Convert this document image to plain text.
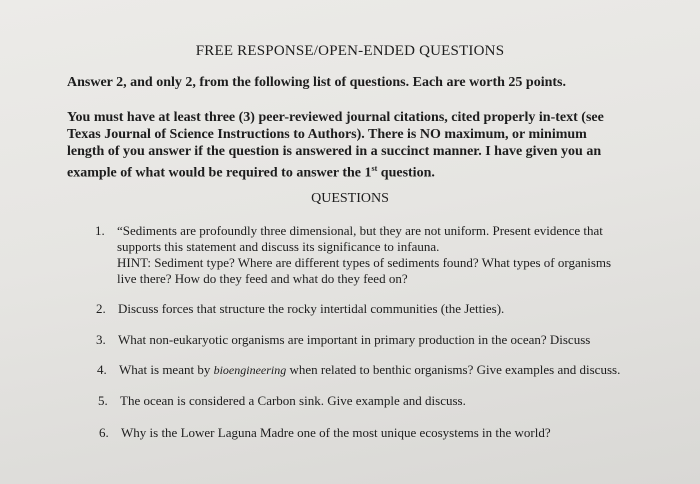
FREE RESPONSE/OPEN-ENDED QUESTIONS

Answer 2, and only 2, from the following list of questions. Each are worth 25 points.

You must have at least three (3) peer-reviewed journal citations, cited properly in-text (see Texas Journal of Science Instructions to Authors). There is NO maximum, or minimum length of you answer if the question is answered in a succinct manner. I have given you an example of what would be required to answer the 1st question.

QUESTIONS
1. “Sediments are profoundly three dimensional, but they are not uniform. Present evidence that supports this statement and discuss its significance to infauna.
HINT: Sediment type? Where are different types of sediments found? What types of organisms live there? How do they feed and what do they feed on?
2. Discuss forces that structure the rocky intertidal communities (the Jetties).
3. What non-eukaryotic organisms are important in primary production in the ocean? Discuss
4. What is meant by bioengineering when related to benthic organisms? Give examples and discuss.
5. The ocean is considered a Carbon sink. Give example and discuss.
6. Why is the Lower Laguna Madre one of the most unique ecosystems in the world?
